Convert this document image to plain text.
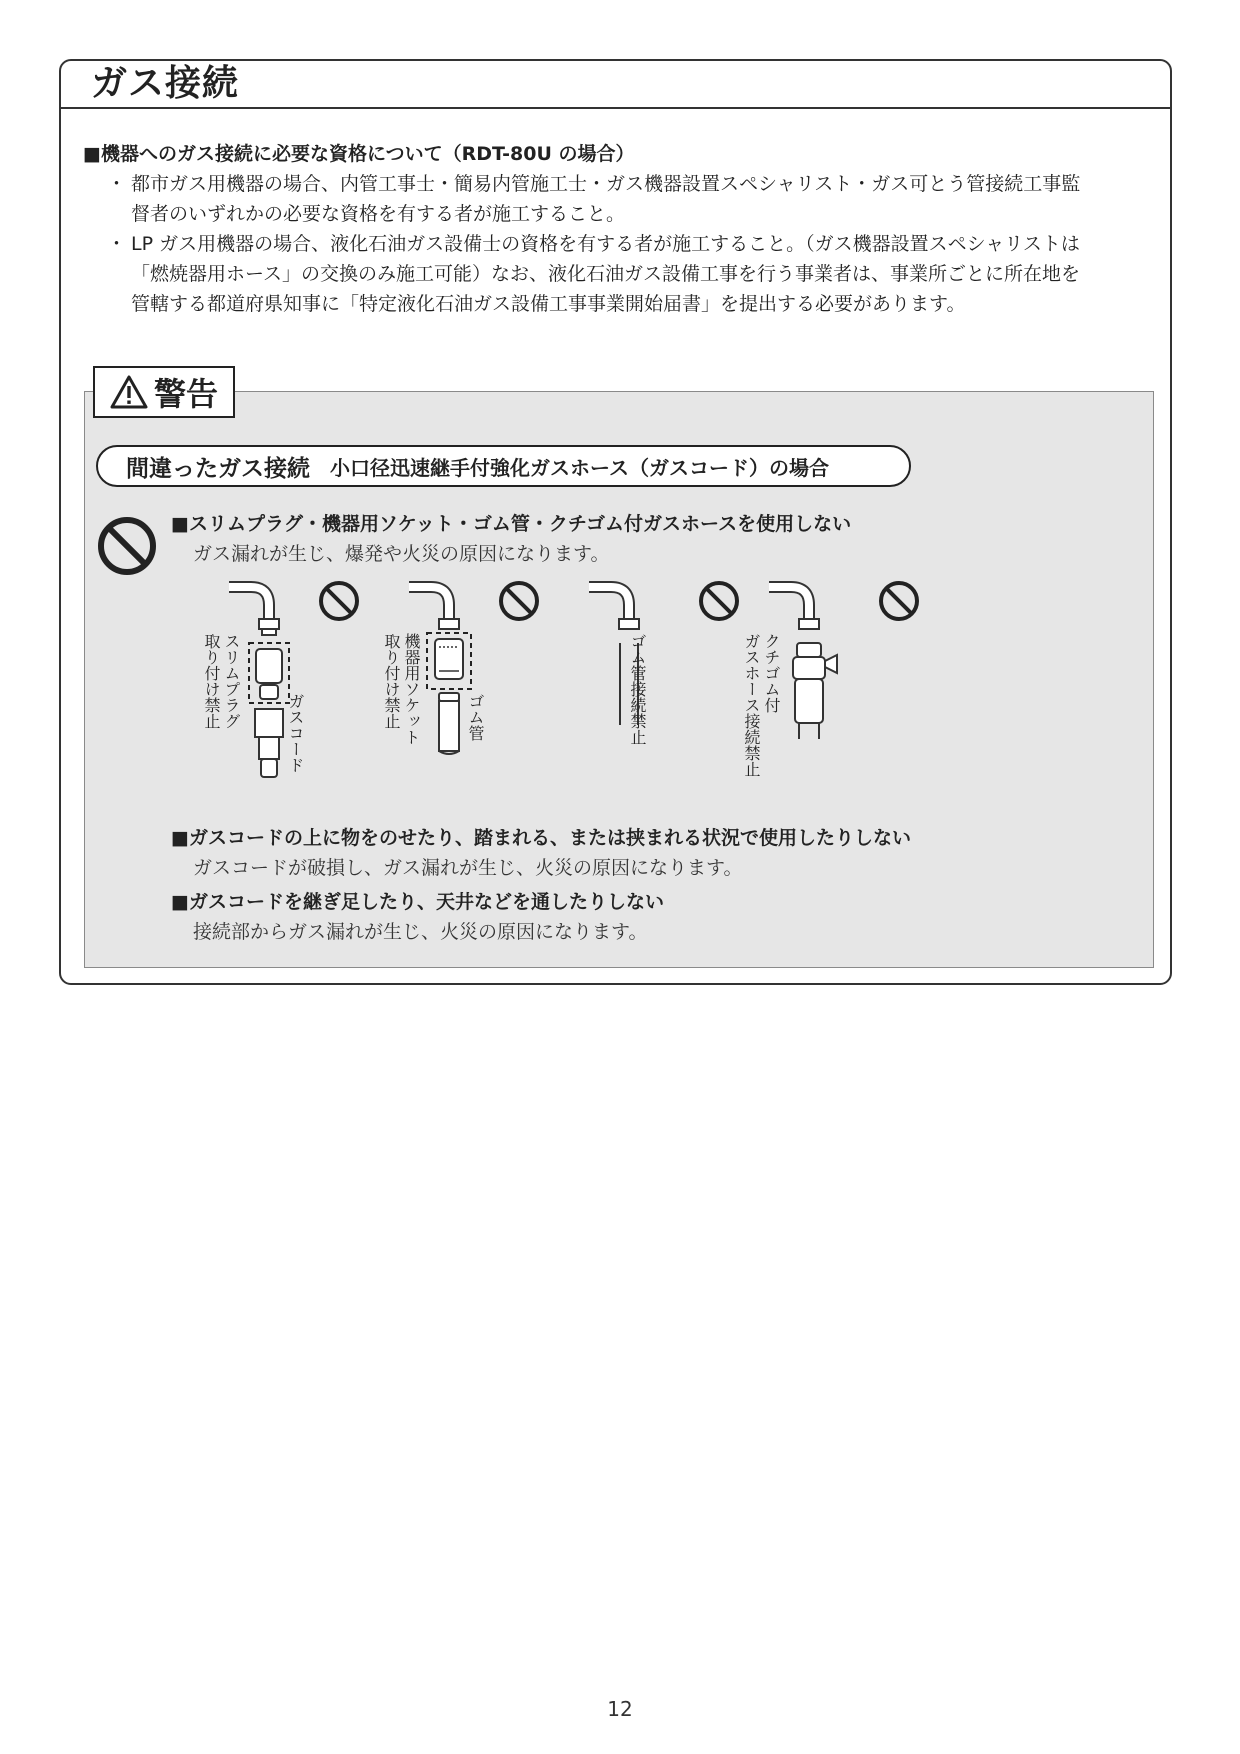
ガス接続
■機器へのガス接続に必要な資格について（RDT-80U の場合）
・ 都市ガス用機器の場合、内管工事士・簡易内管施工士・ガス機器設置スペシャリスト・ガス可とう管接続工事監
督者のいずれかの必要な資格を有する者が施工すること。
・ LP ガス用機器の場合、液化石油ガス設備士の資格を有する者が施工すること。（ガス機器設置スペシャリストは
「燃焼器用ホース」の交換のみ施工可能）なお、液化石油ガス設備工事を行う事業者は、事業所ごとに所在地を
管轄する都道府県知事に「特定液化石油ガス設備工事事業開始届書」を提出する必要があります。
警告
間違ったガス接続 小口径迅速継手付強化ガスホース（ガスコード）の場合
■スリムプラグ・機器用ソケット・ゴム管・クチゴム付ガスホースを使用しない
ガス漏れが生じ、爆発や火災の原因になります。
取り付け禁止 スリムプラグ
ガスコード
取り付け禁止 機器用ソケット	ゴム管	ゴム管接続禁止	クチゴム付
ガスホース接続禁止
■ガスコードの上に物をのせたり、踏まれる、または挟まれる状況で使用したりしない
ガスコードが破損し、ガス漏れが生じ、火災の原因になります。
■ガスコードを継ぎ足したり、天井などを通したりしない
接続部からガス漏れが生じ、火災の原因になります。
12
